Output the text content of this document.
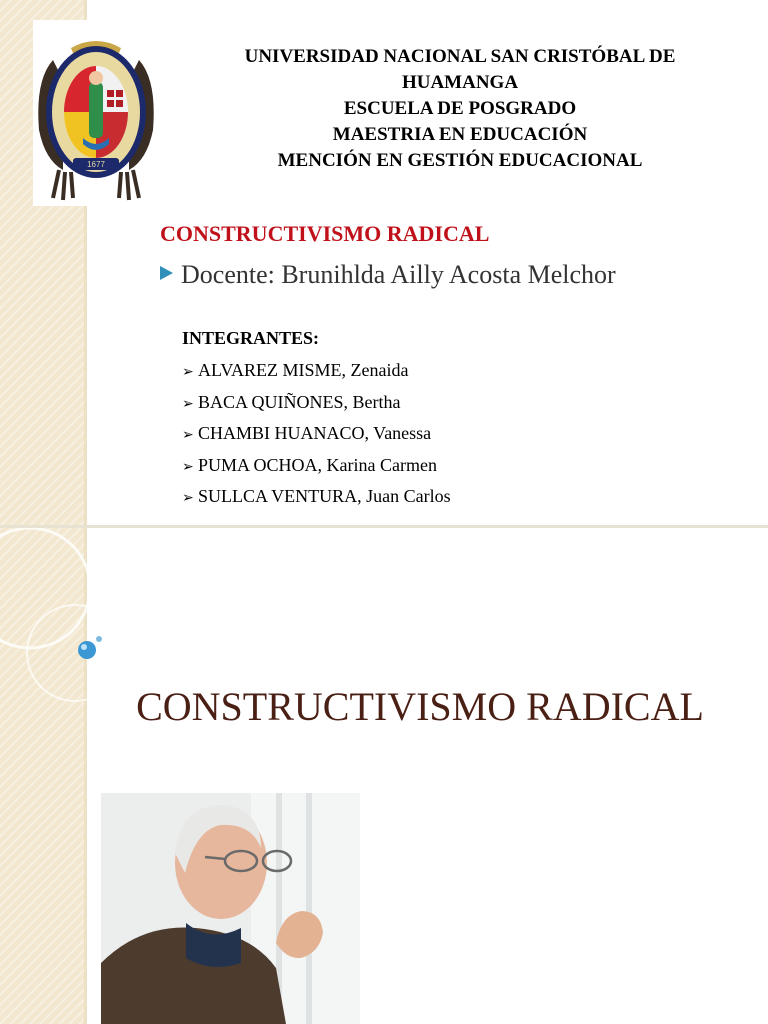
1677
UNIVERSIDAD NACIONAL SAN CRISTÓBAL DE
HUAMANGA
ESCUELA DE POSGRADO
MAESTRIA EN EDUCACIÓN
MENCIÓN EN GESTIÓN EDUCACIONAL
CONSTRUCTIVISMO RADICAL
Docente: Brunihlda Ailly Acosta Melchor
INTEGRANTES:
➢ ALVAREZ MISME, Zenaida
➢ BACA QUIÑONES, Bertha
➢ CHAMBI HUANACO, Vanessa
➢ PUMA OCHOA, Karina Carmen
➢ SULLCA VENTURA, Juan Carlos
CONSTRUCTIVISMO RADICAL
